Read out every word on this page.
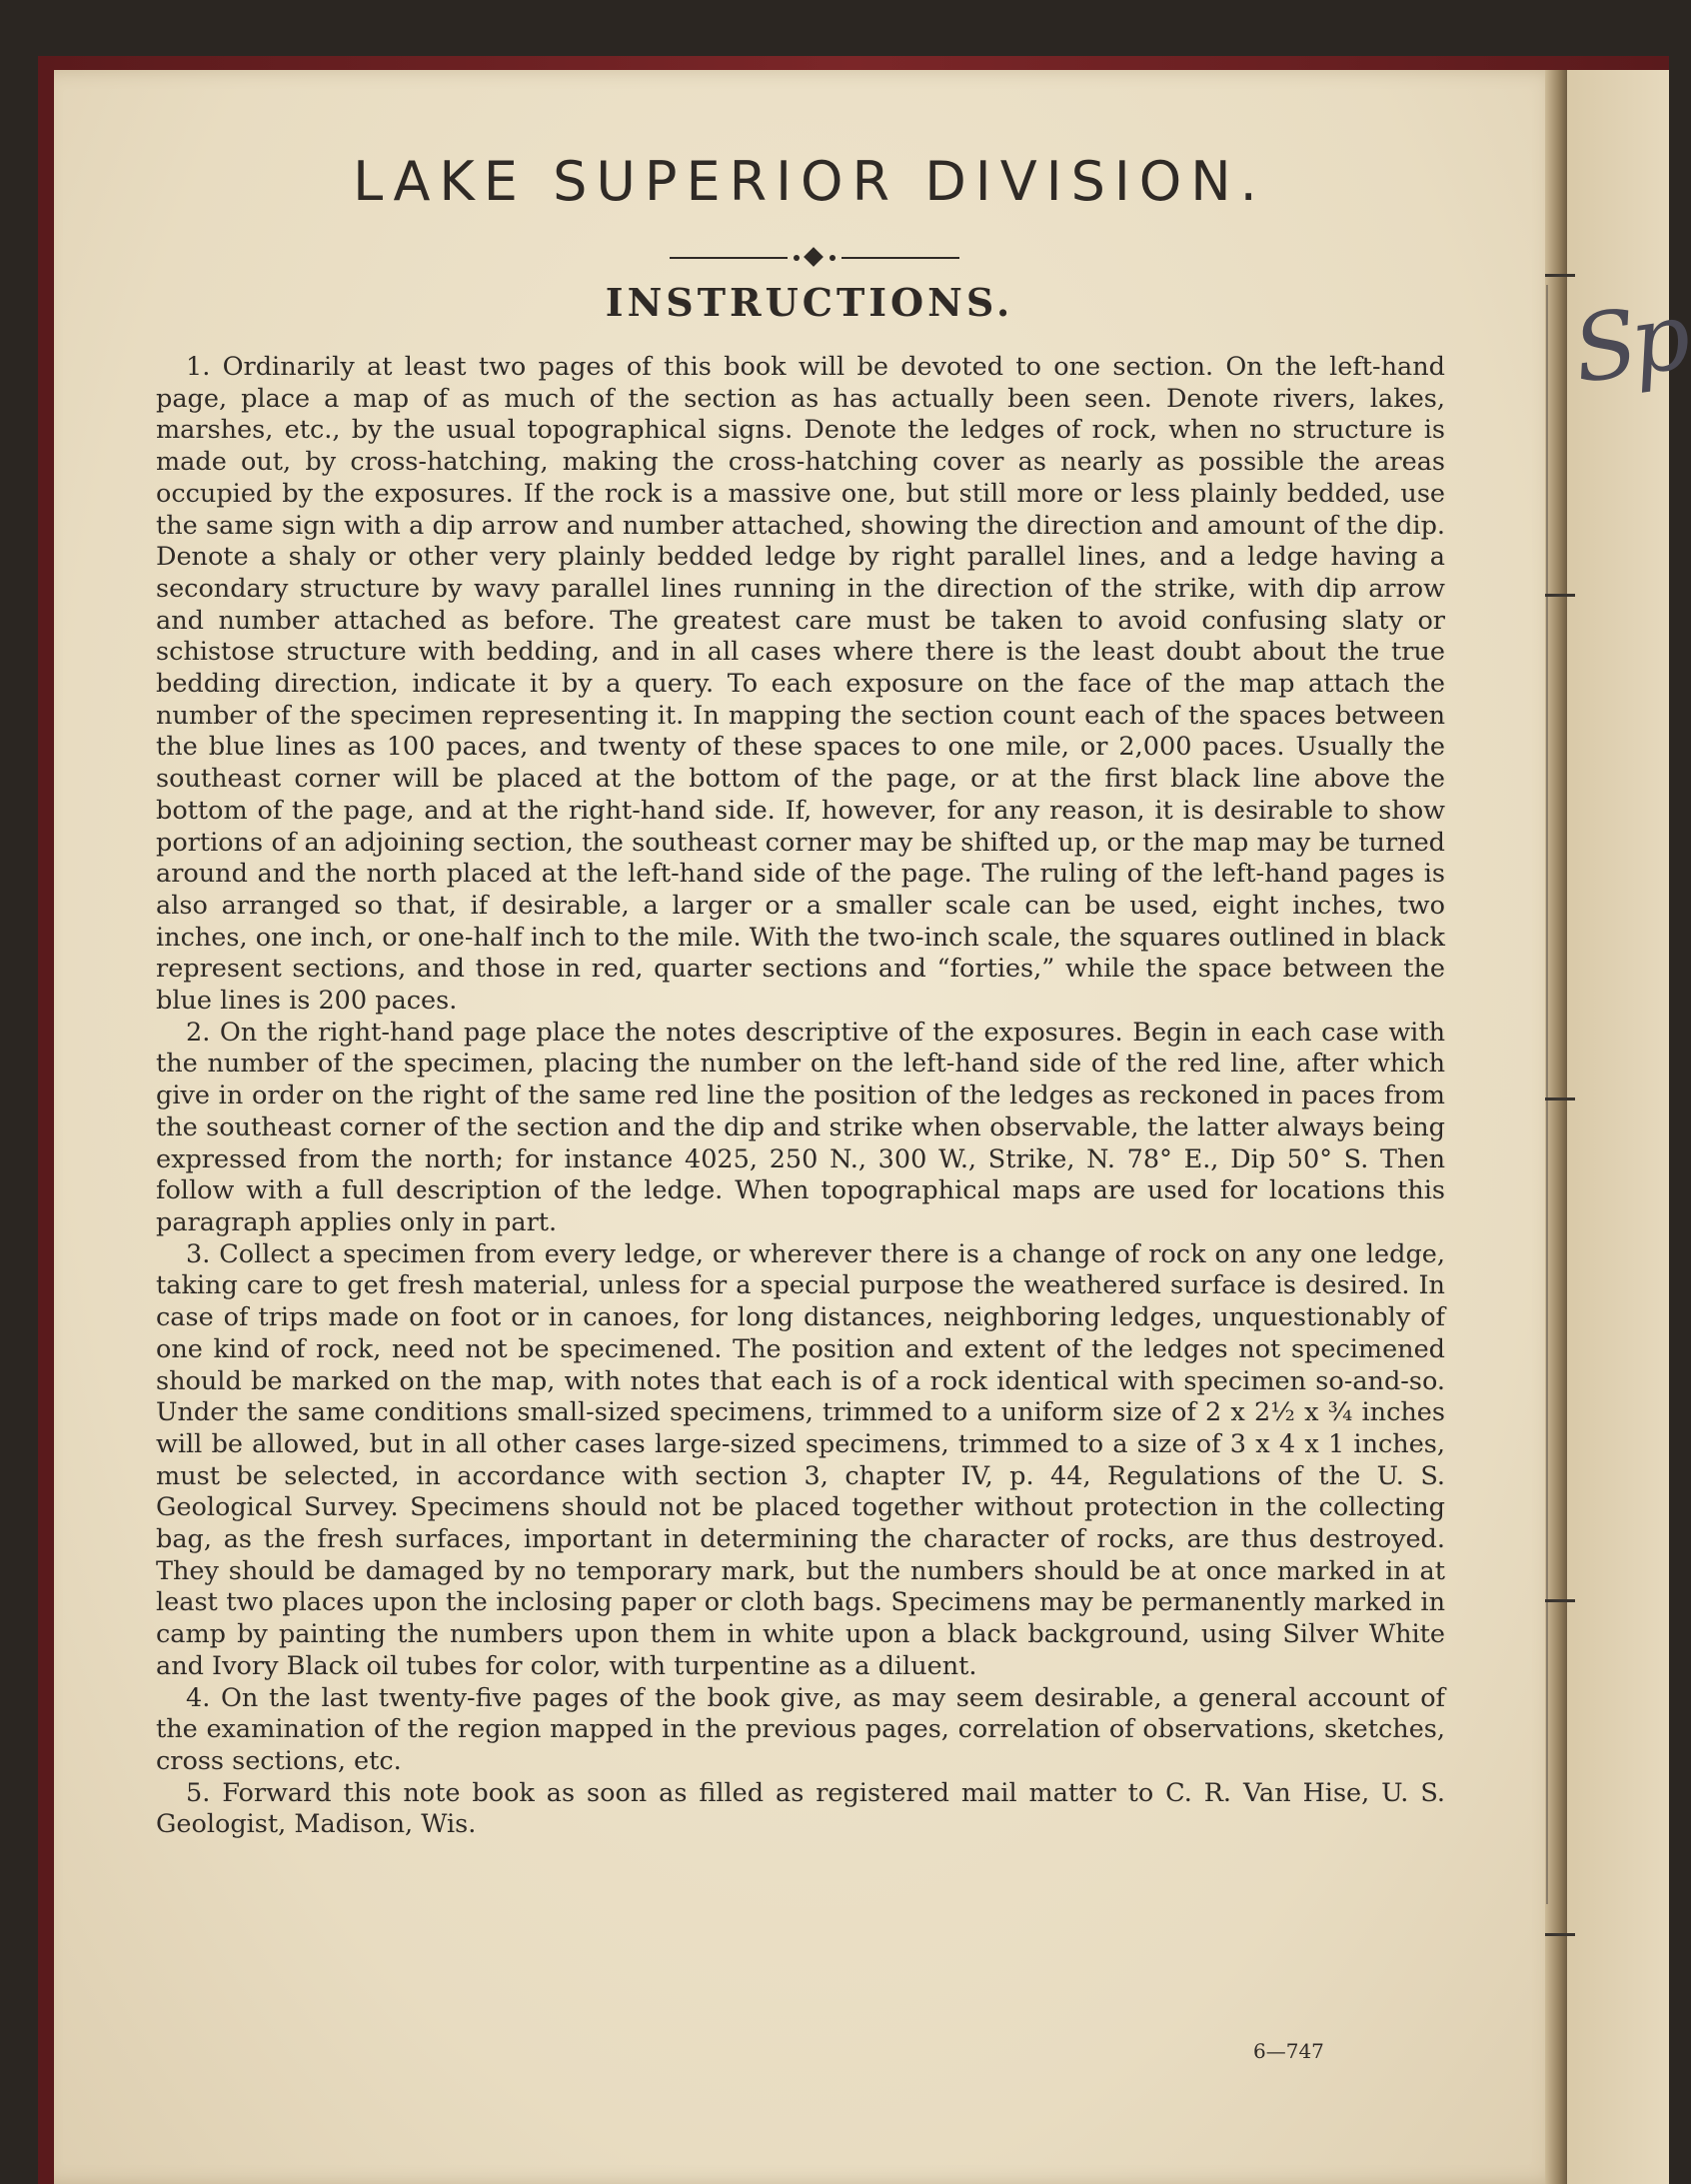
Sp
LAKE SUPERIOR DIVISION.
INSTRUCTIONS.

1. Ordinarily at least two pages of this book will be devoted to one section. On the left-hand page, place a map of as much of the section as has actually been seen. Denote rivers, lakes, marshes, etc., by the usual topographical signs. Denote the ledges of rock, when no structure is made out, by cross-hatching, making the cross-hatching cover as nearly as possible the areas occupied by the exposures. If the rock is a massive one, but still more or less plainly bedded, use the same sign with a dip arrow and number attached, showing the direction and amount of the dip. Denote a shaly or other very plainly bedded ledge by right parallel lines, and a ledge having a secondary structure by wavy parallel lines running in the direction of the strike, with dip arrow and number attached as before. The greatest care must be taken to avoid confusing slaty or schistose structure with bedding, and in all cases where there is the least doubt about the true bedding direction, indicate it by a query. To each exposure on the face of the map attach the number of the specimen representing it. In mapping the section count each of the spaces between the blue lines as 100 paces, and twenty of these spaces to one mile, or 2,000 paces. Usually the southeast corner will be placed at the bottom of the page, or at the first black line above the bottom of the page, and at the right-hand side. If, however, for any reason, it is desirable to show portions of an adjoining section, the southeast corner may be shifted up, or the map may be turned around and the north placed at the left-hand side of the page. The ruling of the left-hand pages is also arranged so that, if desirable, a larger or a smaller scale can be used, eight inches, two inches, one inch, or one-half inch to the mile. With the two-inch scale, the squares outlined in black represent sections, and those in red, quarter sections and “forties,” while the space between the blue lines is 200 paces.

2. On the right-hand page place the notes descriptive of the exposures. Begin in each case with the number of the specimen, placing the number on the left-hand side of the red line, after which give in order on the right of the same red line the position of the ledges as reckoned in paces from the southeast corner of the section and the dip and strike when observable, the latter always being expressed from the north; for instance 4025, 250 N., 300 W., Strike, N. 78° E., Dip 50° S. Then follow with a full description of the ledge. When topographical maps are used for locations this paragraph applies only in part.

3. Collect a specimen from every ledge, or wherever there is a change of rock on any one ledge, taking care to get fresh material, unless for a special purpose the weathered surface is desired. In case of trips made on foot or in canoes, for long distances, neighboring ledges, unquestionably of one kind of rock, need not be specimened. The position and extent of the ledges not specimened should be marked on the map, with notes that each is of a rock identical with specimen so-and-so. Under the same conditions small-sized specimens, trimmed to a uniform size of 2 x 2½ x ¾ inches will be allowed, but in all other cases large-sized specimens, trimmed to a size of 3 x 4 x 1 inches, must be selected, in accordance with section 3, chapter IV, p. 44, Regulations of the U. S. Geological Survey. Specimens should not be placed together without protection in the collecting bag, as the fresh surfaces, important in determining the character of rocks, are thus destroyed. They should be damaged by no temporary mark, but the numbers should be at once marked in at least two places upon the inclosing paper or cloth bags. Specimens may be permanently marked in camp by painting the numbers upon them in white upon a black background, using Silver White and Ivory Black oil tubes for color, with turpentine as a diluent.

4. On the last twenty-five pages of the book give, as may seem desirable, a general account of the examination of the region mapped in the previous pages, correlation of observations, sketches, cross sections, etc.

5. Forward this note book as soon as filled as registered mail matter to C. R. Van Hise, U. S. Geologist, Madison, Wis.

6—747
